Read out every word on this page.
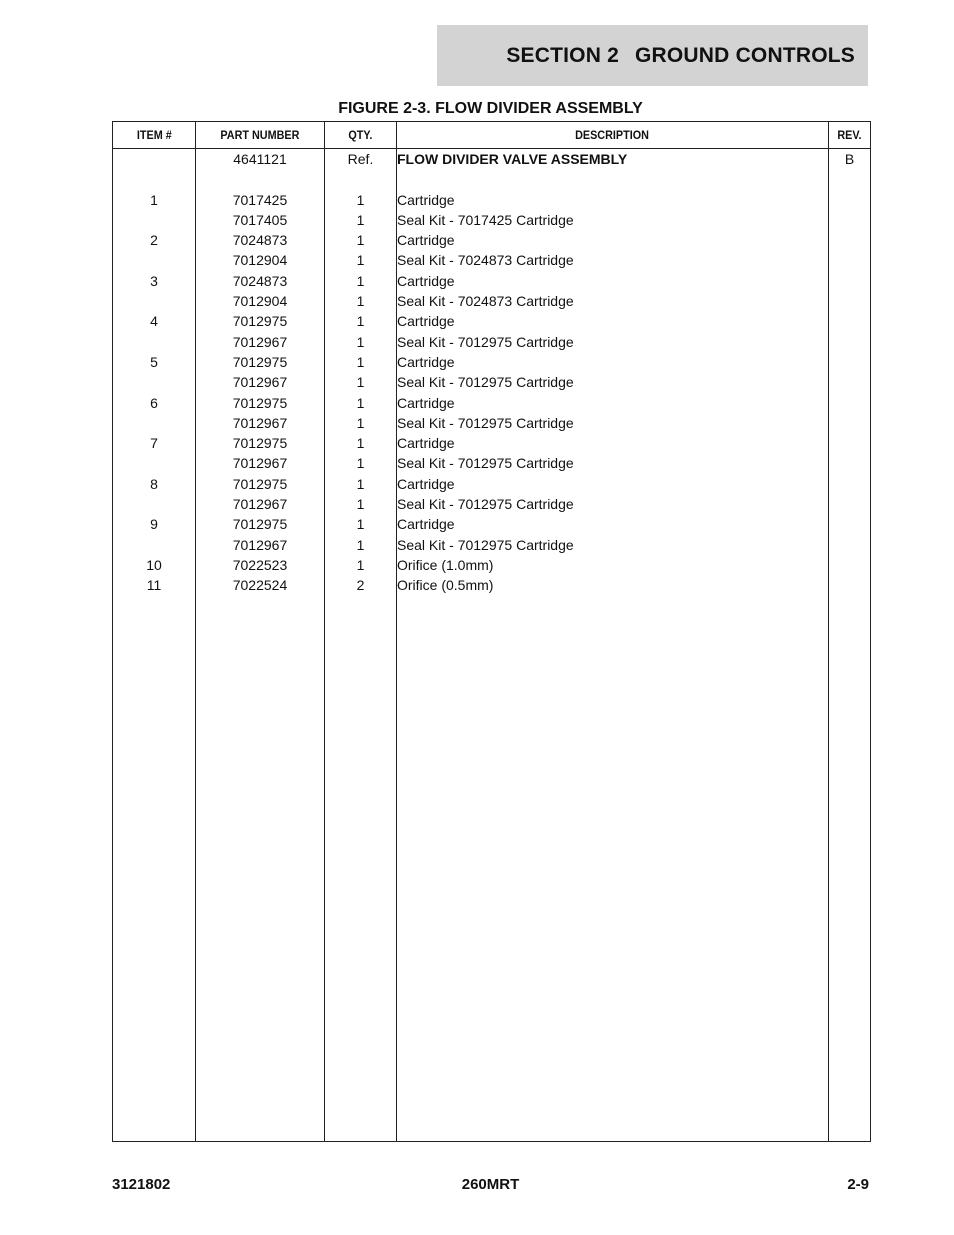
SECTION 2 GROUND CONTROLS
FIGURE 2-3. FLOW DIVIDER ASSEMBLY
ITEM #	PART NUMBER	QTY.	DESCRIPTION	REV.
	4641121	Ref.	FLOW DIVIDER VALVE ASSEMBLY	B

1	7017425	1	Cartridge	
	7017405	1	Seal Kit - 7017425 Cartridge	
2	7024873	1	Cartridge	
	7012904	1	Seal Kit - 7024873 Cartridge	
3	7024873	1	Cartridge	
	7012904	1	Seal Kit - 7024873 Cartridge	
4	7012975	1	Cartridge	
	7012967	1	Seal Kit - 7012975 Cartridge	
5	7012975	1	Cartridge	
	7012967	1	Seal Kit - 7012975 Cartridge	
6	7012975	1	Cartridge	
	7012967	1	Seal Kit - 7012975 Cartridge	
7	7012975	1	Cartridge	
	7012967	1	Seal Kit - 7012975 Cartridge	
8	7012975	1	Cartridge	
	7012967	1	Seal Kit - 7012975 Cartridge	
9	7012975	1	Cartridge	
	7012967	1	Seal Kit - 7012975 Cartridge	
10	7022523	1	Orifice (1.0mm)	
11	7022524	2	Orifice (0.5mm)	

3121802	260MRT	2-9
